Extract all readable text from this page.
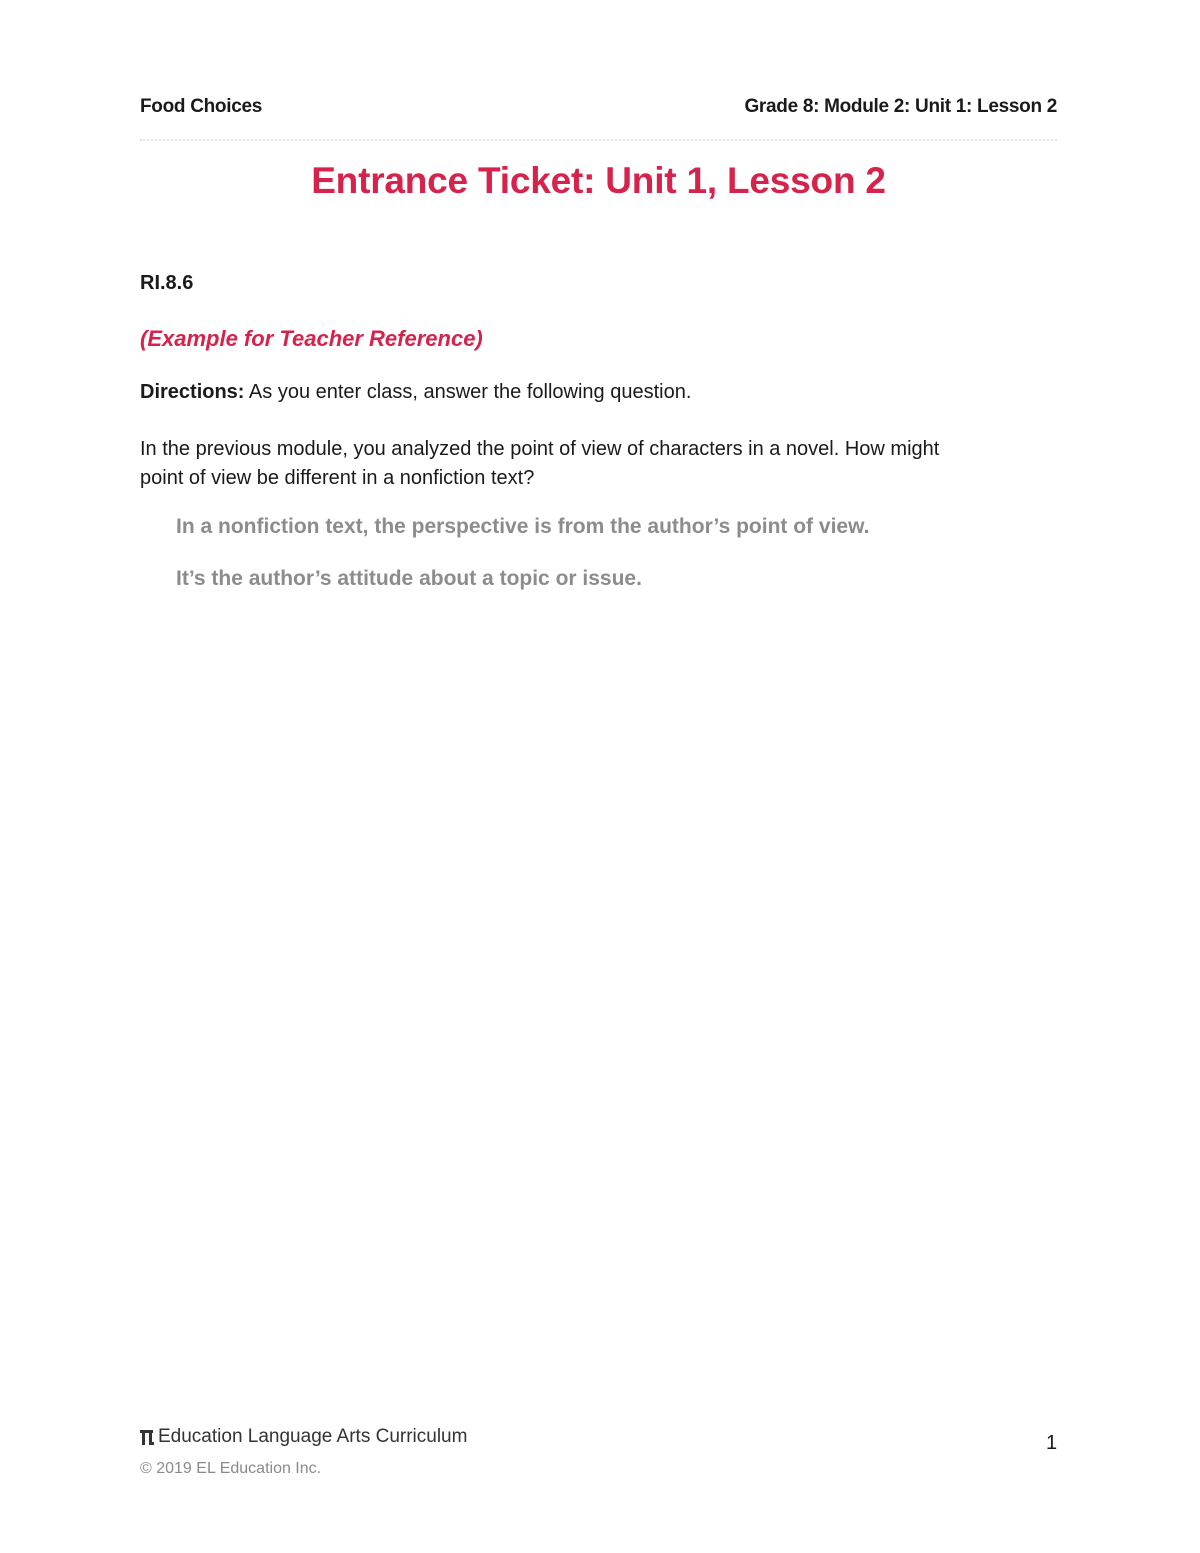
Food Choices	Grade 8: Module 2: Unit 1: Lesson 2
Entrance Ticket: Unit 1, Lesson 2
RI.8.6
(Example for Teacher Reference)
Directions: As you enter class, answer the following question.
In the previous module, you analyzed the point of view of characters in a novel. How might
point of view be different in a nonfiction text?
In a nonfiction text, the perspective is from the author’s point of view.
It’s the author’s attitude about a topic or issue.
Education Language Arts Curriculum
© 2019 EL Education Inc.
1
